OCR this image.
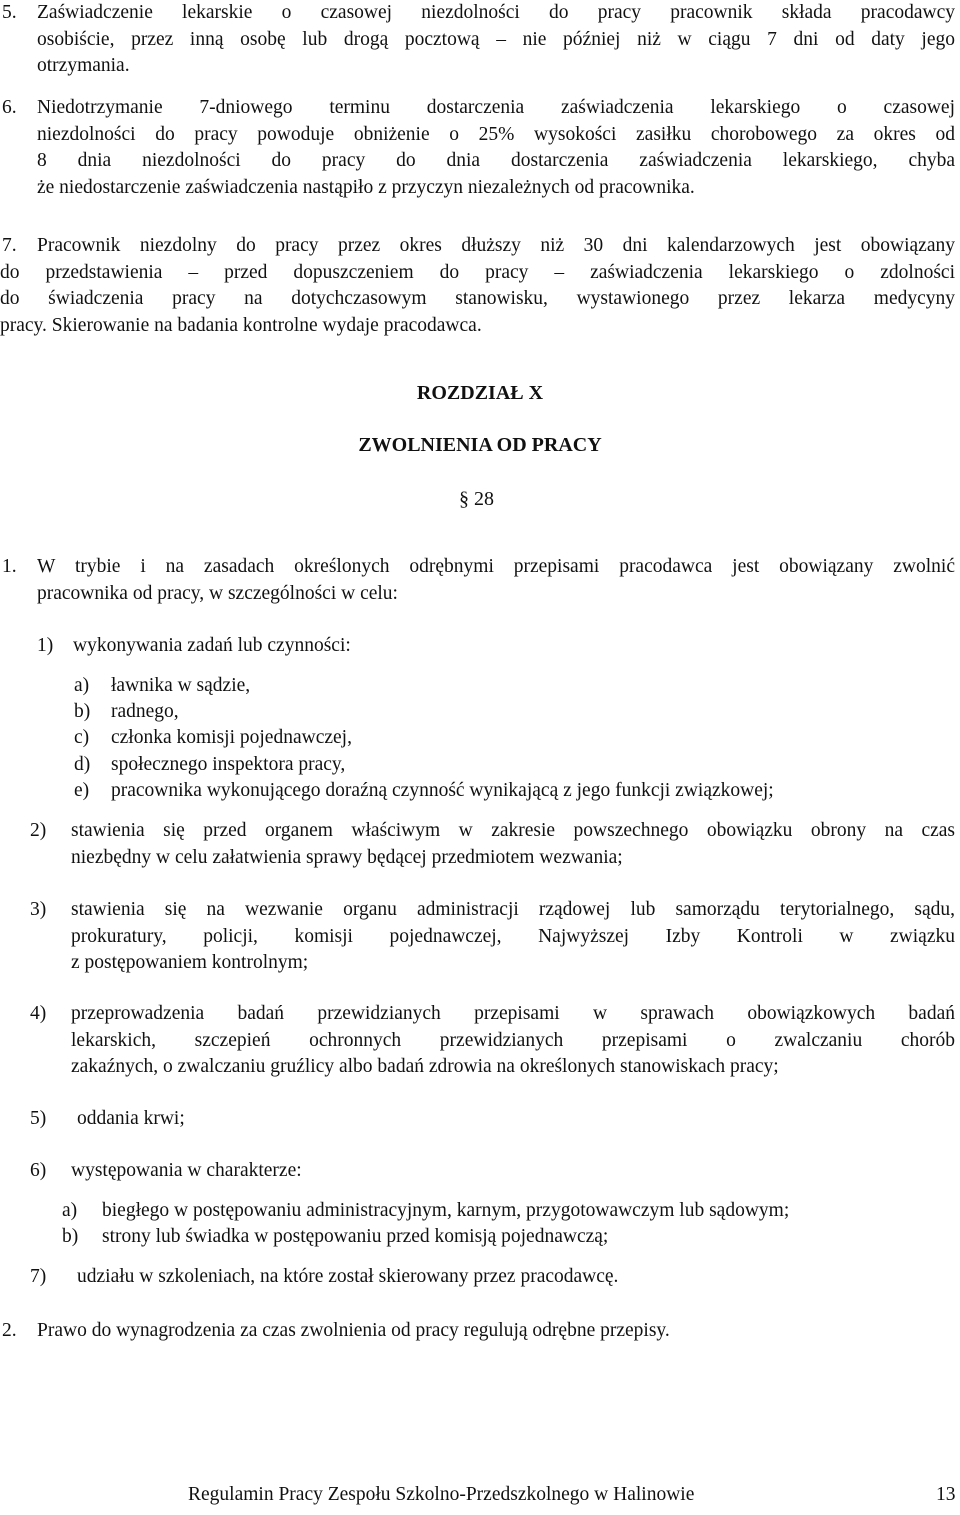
5. Zaświadczenie lekarskie o czasowej niezdolności do pracy pracownik składa pracodawcy
osobiście, przez inną osobę lub drogą pocztową – nie później niż w ciągu 7 dni od daty jego
otrzymania.
6. Niedotrzymanie 7-dniowego terminu dostarczenia zaświadczenia lekarskiego o czasowej
niezdolności do pracy powoduje obniżenie o 25% wysokości zasiłku chorobowego za okres od
8 dnia niezdolności do pracy do dnia dostarczenia zaświadczenia lekarskiego, chyba
że niedostarczenie zaświadczenia nastąpiło z przyczyn niezależnych od pracownika.
7. Pracownik niezdolny do pracy przez okres dłuższy niż 30 dni kalendarzowych jest obowiązany
do przedstawienia – przed dopuszczeniem do pracy – zaświadczenia lekarskiego o zdolności
do świadczenia pracy na dotychczasowym stanowisku, wystawionego przez lekarza medycyny
pracy. Skierowanie na badania kontrolne wydaje pracodawca.
ROZDZIAŁ X
ZWOLNIENIA OD PRACY
§ 28
1. W trybie i na zasadach określonych odrębnymi przepisami pracodawca jest obowiązany zwolnić
pracownika od pracy, w szczególności w celu:
1) wykonywania zadań lub czynności:
a) ławnika w sądzie,
b) radnego,
c) członka komisji pojednawczej,
d) społecznego inspektora pracy,
e) pracownika wykonującego doraźną czynność wynikającą z jego funkcji związkowej;
2) stawienia się przed organem właściwym w zakresie powszechnego obowiązku obrony na czas
niezbędny w celu załatwienia sprawy będącej przedmiotem wezwania;
3) stawienia się na wezwanie organu administracji rządowej lub samorządu terytorialnego, sądu,
prokuratury, policji, komisji pojednawczej, Najwyższej Izby Kontroli w związku
z postępowaniem kontrolnym;
4) przeprowadzenia badań przewidzianych przepisami w sprawach obowiązkowych badań
lekarskich, szczepień ochronnych przewidzianych przepisami o zwalczaniu chorób
zakaźnych, o zwalczaniu gruźlicy albo badań zdrowia na określonych stanowiskach pracy;
5) oddania krwi;
6) występowania w charakterze:
a) biegłego w postępowaniu administracyjnym, karnym, przygotowawczym lub sądowym;
b) strony lub świadka w postępowaniu przed komisją pojednawczą;
7) udziału w szkoleniach, na które został skierowany przez pracodawcę.
2. Prawo do wynagrodzenia za czas zwolnienia od pracy regulują odrębne przepisy.
Regulamin Pracy Zespołu Szkolno-Przedszkolnego w Halinowie	13
